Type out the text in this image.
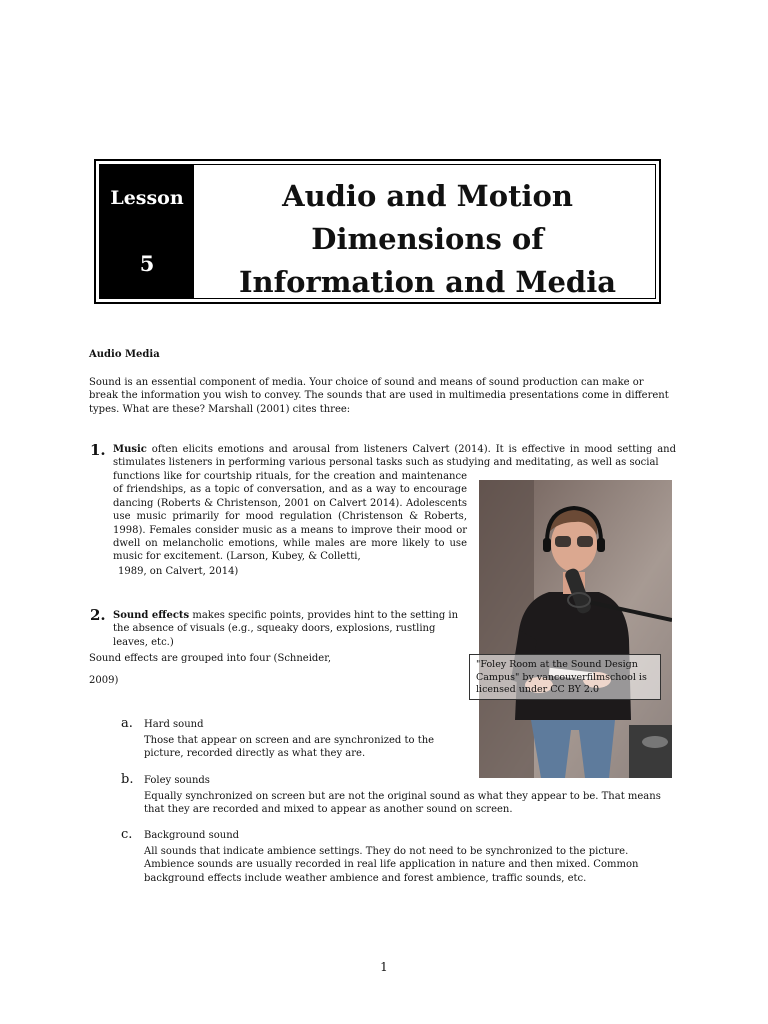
Lesson
5
Audio and Motion
Dimensions of
Information and Media
Audio Media
Sound is an essential component of media. Your choice of sound and means of sound production can make or break the information you wish to convey. The sounds that are used in multimedia presentations come in different types. What are these? Marshall (2001) cites three:
1. Music often elicits emotions and arousal from listeners Calvert (2014). It is effective in mood setting and stimulates listeners in performing various personal tasks such as studying and meditating, as well as social
functions like for courtship rituals, for the creation and maintenance of friendships, as a topic of conversation, and as a way to encourage dancing (Roberts & Christenson, 2001 on Calvert 2014). Adolescents use music primarily for mood regulation (Christenson & Roberts, 1998). Females consider music as a means to improve their mood or dwell on melancholic emotions, while males are more likely to use music for excitement. (Larson, Kubey, & Colletti,
1989, on Calvert, 2014)
2. Sound effects makes specific points, provides hint to the setting in the absence of visuals (e.g., squeaky doors, explosions, rustling leaves, etc.)
Sound effects are grouped into four (Schneider,
2009)
a. Hard sound
Those that appear on screen and are synchronized to the picture, recorded directly as what they are.
b. Foley sounds
Equally synchronized on screen but are not the original sound as what they appear to be. That means that they are recorded and mixed to appear as another sound on screen.
c. Background sound
All sounds that indicate ambience settings. They do not need to be synchronized to the picture. Ambience sounds are usually recorded in real life application in nature and then mixed. Common background effects include weather ambience and forest ambience, traffic sounds, etc.
"Foley Room at the Sound Design Campus" by vancouverfilmschool is licensed under CC BY 2.0
1
